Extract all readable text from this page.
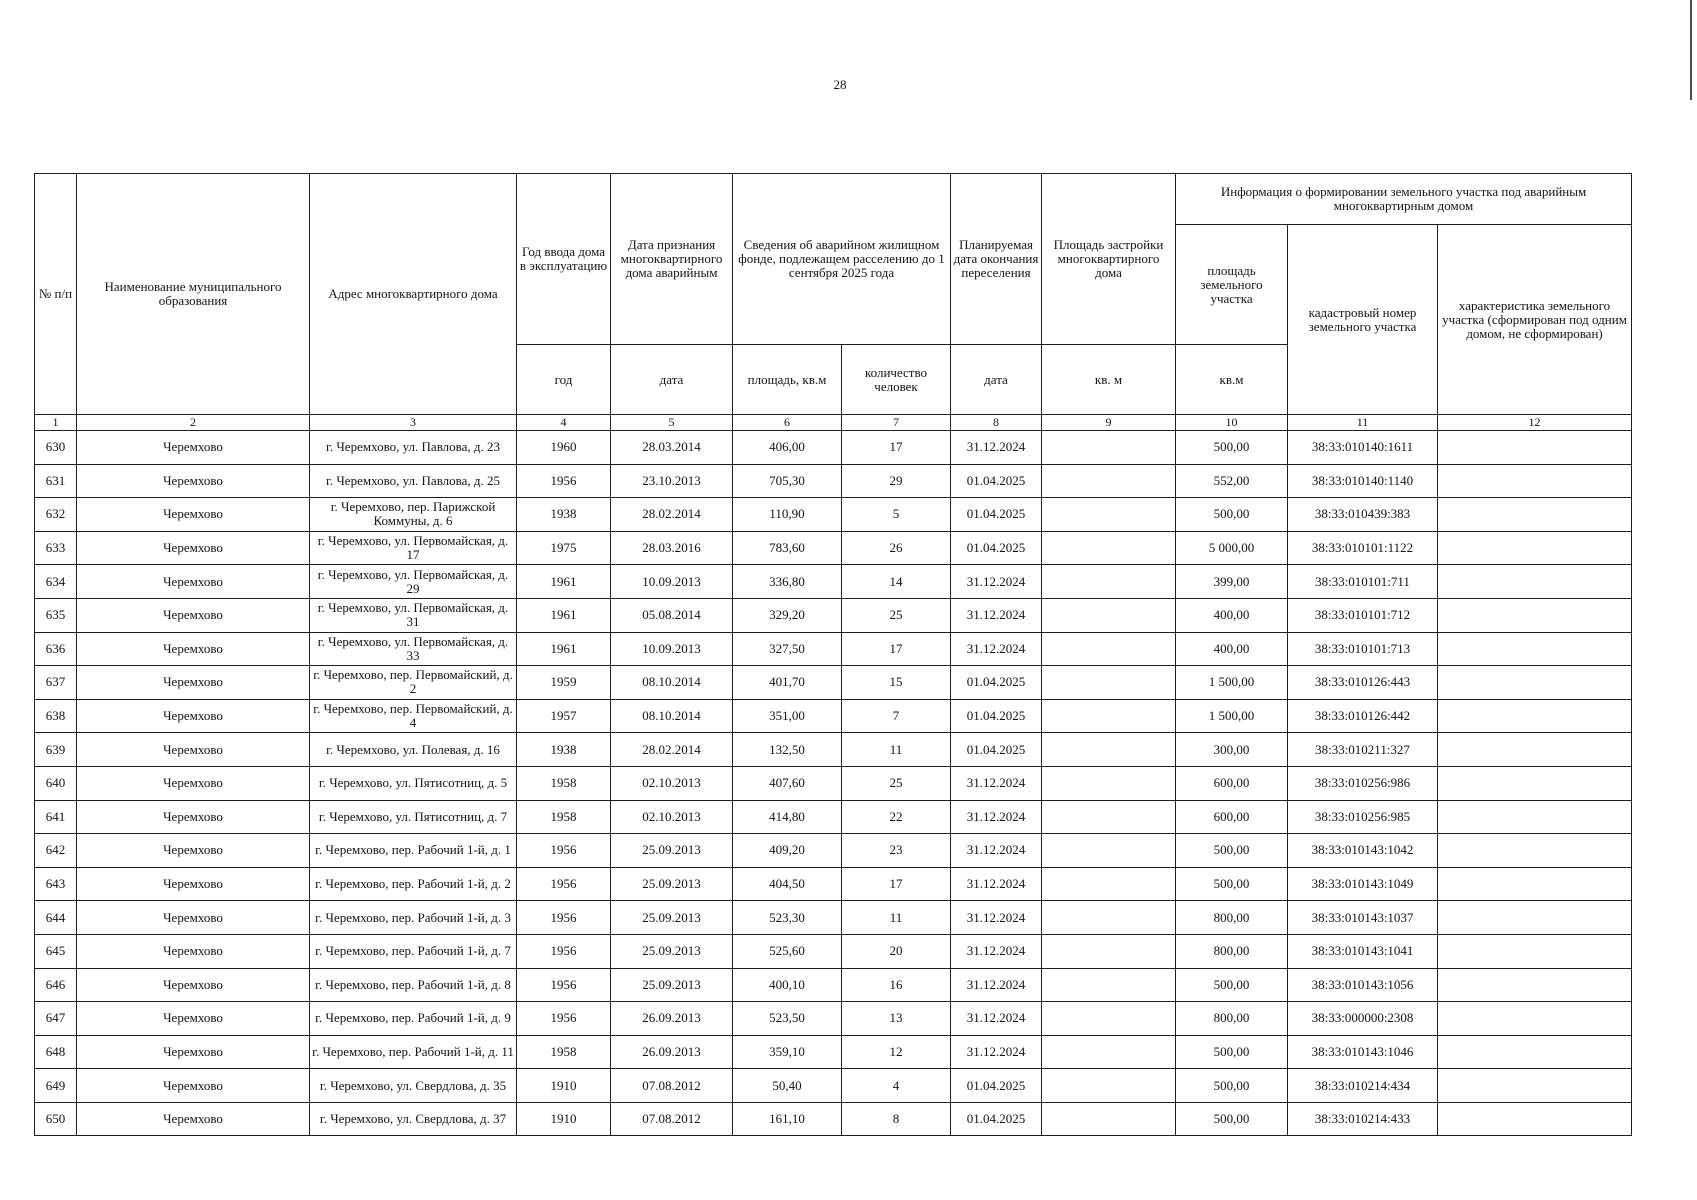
28
№ п/п	Наименование муниципального образования	Адрес многоквартирного дома	Год ввода дома в эксплуатацию	Дата признания многоквартирного дома аварийным	Сведения об аварийном жилищном фонде, подлежащем расселению до 1 сентября 2025 года		Планируемая дата окончания переселения	Площадь застройки многоквартирного дома	Информация о формировании земельного участка под аварийным многоквартирным домом		
									площадь земельного участка	кадастровый номер земельного участка	характеристика земельного участка (сформирован под одним домом, не сформирован)
			год	дата	площадь, кв.м	количество человек	дата	кв. м	кв.м		
1	2	3	4	5	6	7	8	9	10	11	12
630	Черемхово	г. Черемхово, ул. Павлова, д. 23	1960	28.03.2014	406,00	17	31.12.2024		500,00	38:33:010140:1611	
631	Черемхово	г. Черемхово, ул. Павлова, д. 25	1956	23.10.2013	705,30	29	01.04.2025		552,00	38:33:010140:1140	
632	Черемхово	г. Черемхово, пер. Парижской Коммуны, д. 6	1938	28.02.2014	110,90	5	01.04.2025		500,00	38:33:010439:383	
633	Черемхово	г. Черемхово, ул. Первомайская, д. 17	1975	28.03.2016	783,60	26	01.04.2025		5 000,00	38:33:010101:1122	
634	Черемхово	г. Черемхово, ул. Первомайская, д. 29	1961	10.09.2013	336,80	14	31.12.2024		399,00	38:33:010101:711	
635	Черемхово	г. Черемхово, ул. Первомайская, д. 31	1961	05.08.2014	329,20	25	31.12.2024		400,00	38:33:010101:712	
636	Черемхово	г. Черемхово, ул. Первомайская, д. 33	1961	10.09.2013	327,50	17	31.12.2024		400,00	38:33:010101:713	
637	Черемхово	г. Черемхово, пер. Первомайский, д. 2	1959	08.10.2014	401,70	15	01.04.2025		1 500,00	38:33:010126:443	
638	Черемхово	г. Черемхово, пер. Первомайский, д. 4	1957	08.10.2014	351,00	7	01.04.2025		1 500,00	38:33:010126:442	
639	Черемхово	г. Черемхово, ул. Полевая, д. 16	1938	28.02.2014	132,50	11	01.04.2025		300,00	38:33:010211:327	
640	Черемхово	г. Черемхово, ул. Пятисотниц, д. 5	1958	02.10.2013	407,60	25	31.12.2024		600,00	38:33:010256:986	
641	Черемхово	г. Черемхово, ул. Пятисотниц, д. 7	1958	02.10.2013	414,80	22	31.12.2024		600,00	38:33:010256:985	
642	Черемхово	г. Черемхово, пер. Рабочий 1-й, д. 1	1956	25.09.2013	409,20	23	31.12.2024		500,00	38:33:010143:1042	
643	Черемхово	г. Черемхово, пер. Рабочий 1-й, д. 2	1956	25.09.2013	404,50	17	31.12.2024		500,00	38:33:010143:1049	
644	Черемхово	г. Черемхово, пер. Рабочий 1-й, д. 3	1956	25.09.2013	523,30	11	31.12.2024		800,00	38:33:010143:1037	
645	Черемхово	г. Черемхово, пер. Рабочий 1-й, д. 7	1956	25.09.2013	525,60	20	31.12.2024		800,00	38:33:010143:1041	
646	Черемхово	г. Черемхово, пер. Рабочий 1-й, д. 8	1956	25.09.2013	400,10	16	31.12.2024		500,00	38:33:010143:1056	
647	Черемхово	г. Черемхово, пер. Рабочий 1-й, д. 9	1956	26.09.2013	523,50	13	31.12.2024		800,00	38:33:000000:2308	
648	Черемхово	г. Черемхово, пер. Рабочий 1-й, д. 11	1958	26.09.2013	359,10	12	31.12.2024		500,00	38:33:010143:1046	
649	Черемхово	г. Черемхово, ул. Свердлова, д. 35	1910	07.08.2012	50,40	4	01.04.2025		500,00	38:33:010214:434	
650	Черемхово	г. Черемхово, ул. Свердлова, д. 37	1910	07.08.2012	161,10	8	01.04.2025		500,00	38:33:010214:433	
